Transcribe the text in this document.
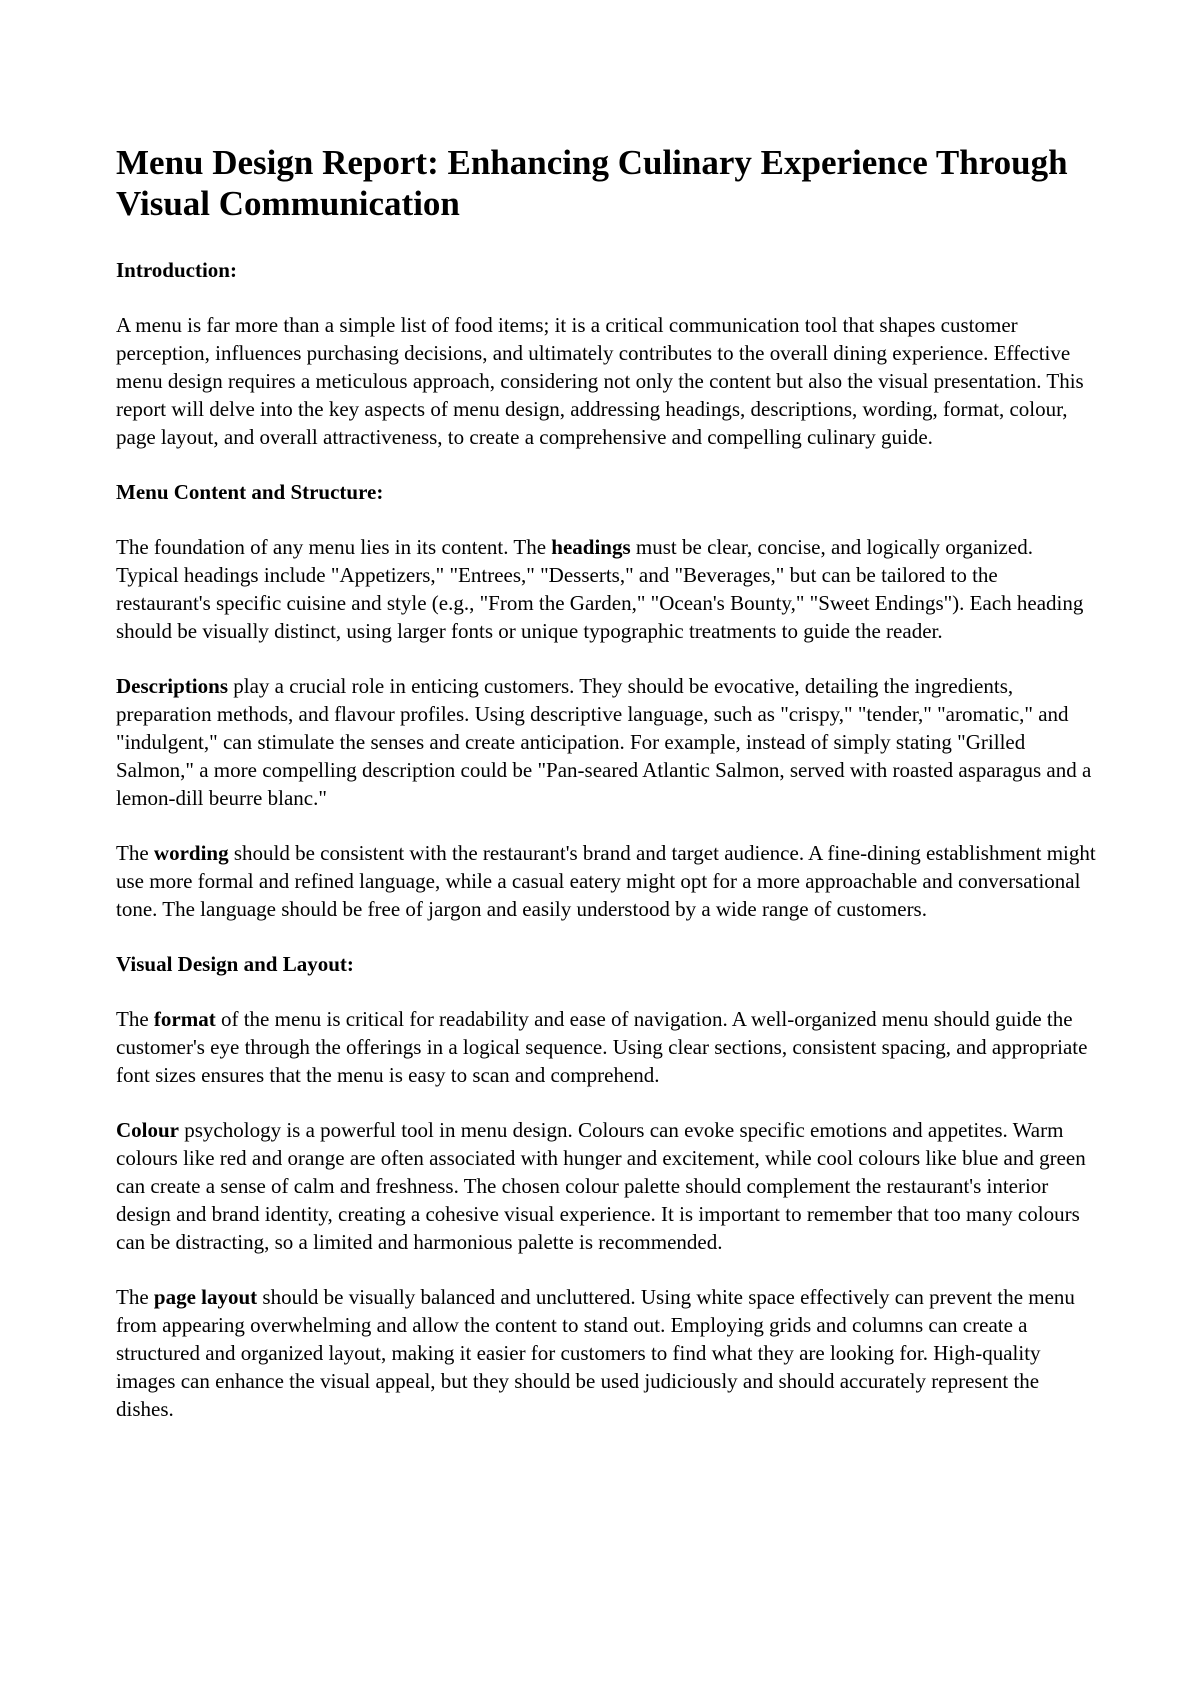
Menu Design Report: Enhancing Culinary Experience Through Visual Communication
Introduction:

A menu is far more than a simple list of food items; it is a critical communication tool that shapes customer perception, influences purchasing decisions, and ultimately contributes to the overall dining experience. Effective menu design requires a meticulous approach, considering not only the content but also the visual presentation. This report will delve into the key aspects of menu design, addressing headings, descriptions, wording, format, colour, page layout, and overall attractiveness, to create a comprehensive and compelling culinary guide.

Menu Content and Structure:

The foundation of any menu lies in its content. The headings must be clear, concise, and logically organized. Typical headings include "Appetizers," "Entrees," "Desserts," and "Beverages," but can be tailored to the restaurant's specific cuisine and style (e.g., "From the Garden," "Ocean's Bounty," "Sweet Endings"). Each heading should be visually distinct, using larger fonts or unique typographic treatments to guide the reader.

Descriptions play a crucial role in enticing customers. They should be evocative, detailing the ingredients, preparation methods, and flavour profiles. Using descriptive language, such as "crispy," "tender," "aromatic," and "indulgent," can stimulate the senses and create anticipation. For example, instead of simply stating "Grilled Salmon," a more compelling description could be "Pan-seared Atlantic Salmon, served with roasted asparagus and a lemon-dill beurre blanc."

The wording should be consistent with the restaurant's brand and target audience. A fine-dining establishment might use more formal and refined language, while a casual eatery might opt for a more approachable and conversational tone. The language should be free of jargon and easily understood by a wide range of customers.

Visual Design and Layout:

The format of the menu is critical for readability and ease of navigation. A well-organized menu should guide the customer's eye through the offerings in a logical sequence. Using clear sections, consistent spacing, and appropriate font sizes ensures that the menu is easy to scan and comprehend.

Colour psychology is a powerful tool in menu design. Colours can evoke specific emotions and appetites. Warm colours like red and orange are often associated with hunger and excitement, while cool colours like blue and green can create a sense of calm and freshness. The chosen colour palette should complement the restaurant's interior design and brand identity, creating a cohesive visual experience. It is important to remember that too many colours can be distracting, so a limited and harmonious palette is recommended.

The page layout should be visually balanced and uncluttered. Using white space effectively can prevent the menu from appearing overwhelming and allow the content to stand out. Employing grids and columns can create a structured and organized layout, making it easier for customers to find what they are looking for. High-quality images can enhance the visual appeal, but they should be used judiciously and should accurately represent the dishes.
